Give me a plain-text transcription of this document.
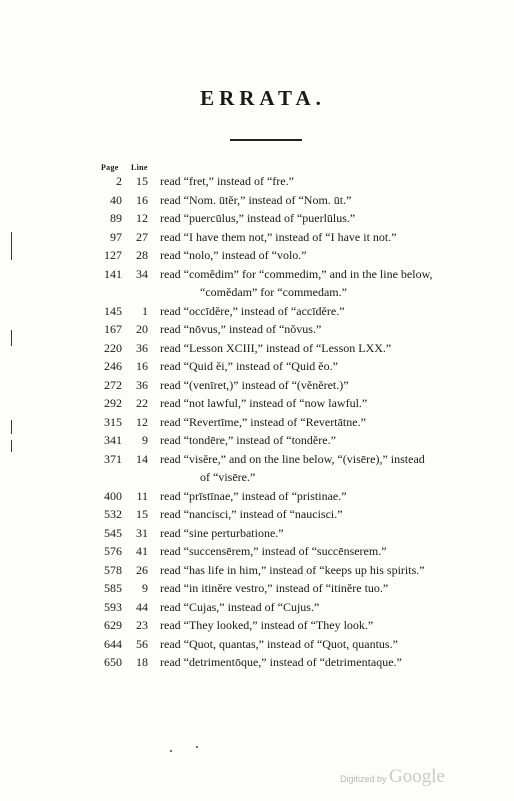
ERRATA.
Page Line
2	15 read “fret,” instead of “fre.”
40	16 read “Nom. ūtĕr,” instead of “Nom. ūt.”
89	12 read “puercūlus,” instead of “puerlūlus.”
97	27 read “I have them not,” instead of “I have it not.”
127	28 read “nolo,” instead of “volo.”
141	34 read “comĕdim” for “commedim,” and in the line below,
“comĕdam” for “commedam.”
145	1 read “occīdĕre,” instead of “accīdĕre.”
167	20 read “nōvus,” instead of “nŏvus.”
220	36 read “Lesson XCIII,” instead of “Lesson LXX.”
246	16 read “Quid ĕi,” instead of “Quid ĕo.”
272	36 read “(venīret,)” instead of “(vĕnĕret.)”
292	22 read “not lawful,” instead of “now lawful.”
315	12 read “Revertīme,” instead of “Revertātne.”
341	9 read “tondēre,” instead of “tondĕre.”
371	14 read “visĕre,” and on the line below, “(visēre),” instead
of “visēre.”
400	11 read “prīstīnae,” instead of “pristinae.”
532	15 read “nancisci,” instead of “naucisci.”
545	31 read “sine perturbatione.”
576	41 read “succensērem,” instead of “succēnserem.”
578	26 read “has life in him,” instead of “keeps up his spirits.”
585	9 read “in itinĕre vestro,” instead of “itinĕre tuo.”
593	44 read “Cujas,” instead of “Cujus.”
629	23 read “They looked,” instead of “They look.”
644	56 read “Quot, quantas,” instead of “Quot, quantus.”
650	18 read “detrimentōque,” instead of “detrimentaque.”
Digitized by Google
